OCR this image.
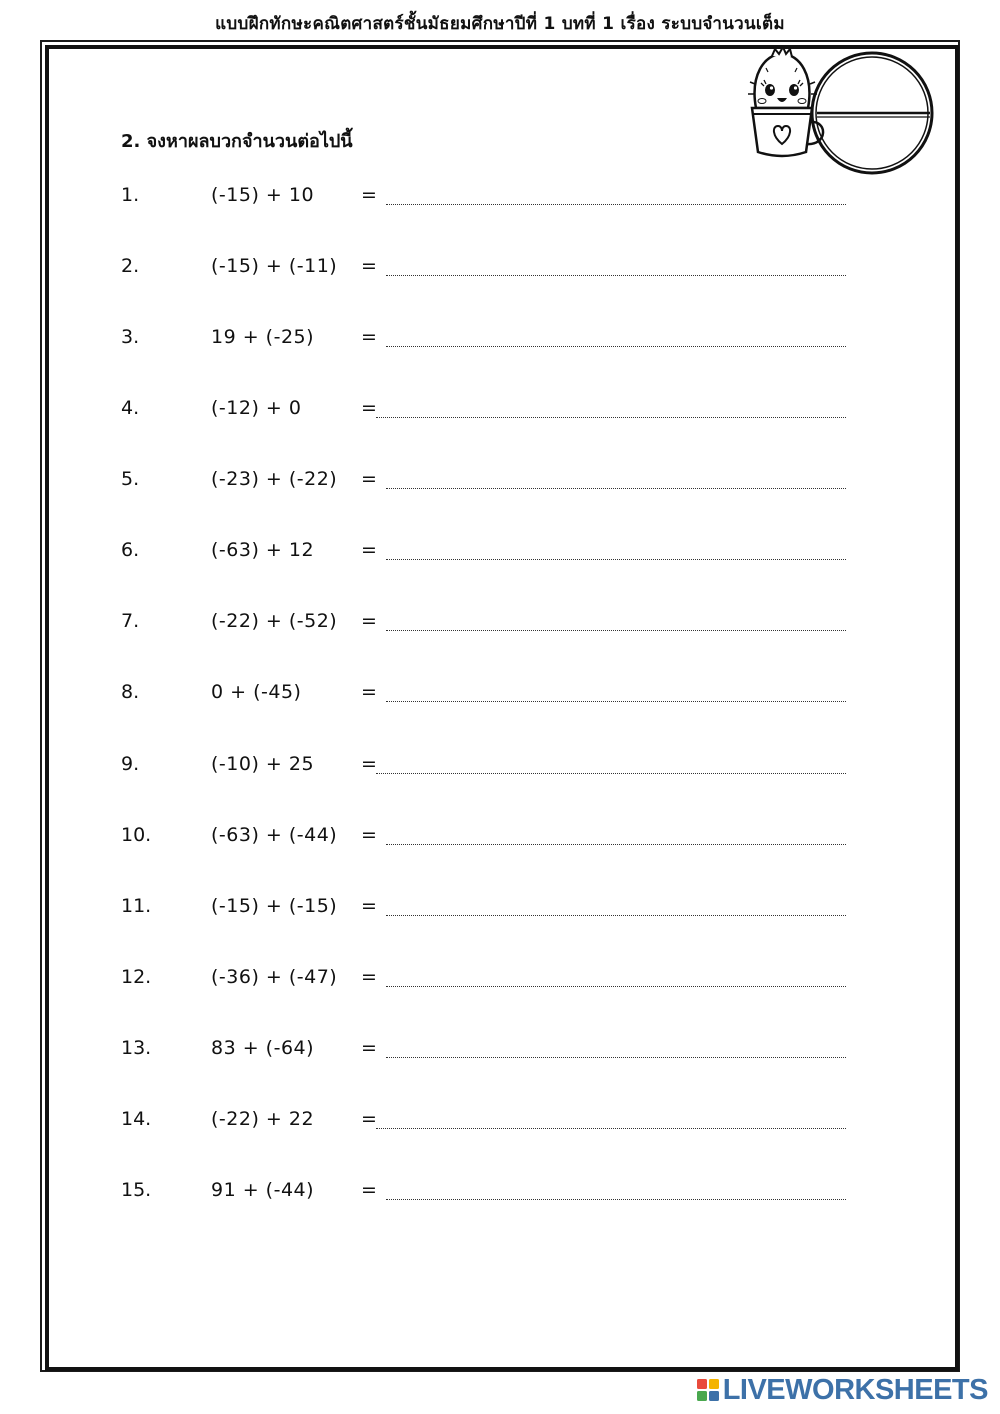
แบบฝึกทักษะคณิตศาสตร์ชั้นมัธยมศึกษาปีที่ 1 บทที่ 1 เรื่อง ระบบจำนวนเต็ม
2. จงหาผลบวกจำนวนต่อไปนี้
1.	(-15) + 10 =
2.	(-15) + (-11) =
3.	19 + (-25) =
4.	(-12) + 0	=
5.	(-23) + (-22) =
6.	(-63) + 12 =
7.	(-22) + (-52) =
8.	0 + (-45)	=
9.	(-10) + 25 =
10.	(-63) + (-44) =
11.	(-15) + (-15) =
12.	(-36) + (-47) =
13.	83 + (-64) =
14.	(-22) + 22 =
15.	91 + (-44) =
LIVEWORKSHEETS
